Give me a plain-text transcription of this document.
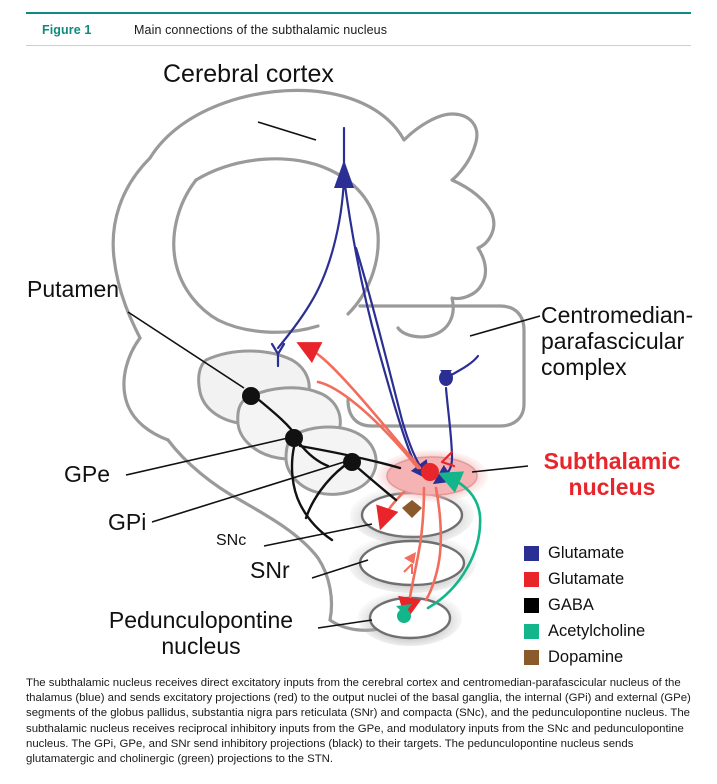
Figure 1	Main connections of the subthalamic nucleus
Cerebral cortex
Putamen
Centromedian-parafascicular complex
GPe
GPi
SNc
SNr
Pedunculopontine nucleus
Subthalamic nucleus
Glutamate
Glutamate
GABA
Acetylcholine
Dopamine
The subthalamic nucleus receives direct excitatory inputs from the cerebral cortex and centromedian-parafascicular nucleus of the thalamus (blue) and sends excitatory projections (red) to the output nuclei of the basal ganglia, the internal (GPi) and external (GPe) segments of the globus pallidus, substantia nigra pars reticulata (SNr) and compacta (SNc), and the pedunculopontine nucleus. The subthalamic nucleus receives reciprocal inhibitory inputs from the GPe, and modulatory inputs from the SNc and pedunculopontine nucleus. The GPi, GPe, and SNr send inhibitory projections (black) to their targets. The pedunculopontine nucleus sends glutamatergic and cholinergic (green) projections to the STN.
